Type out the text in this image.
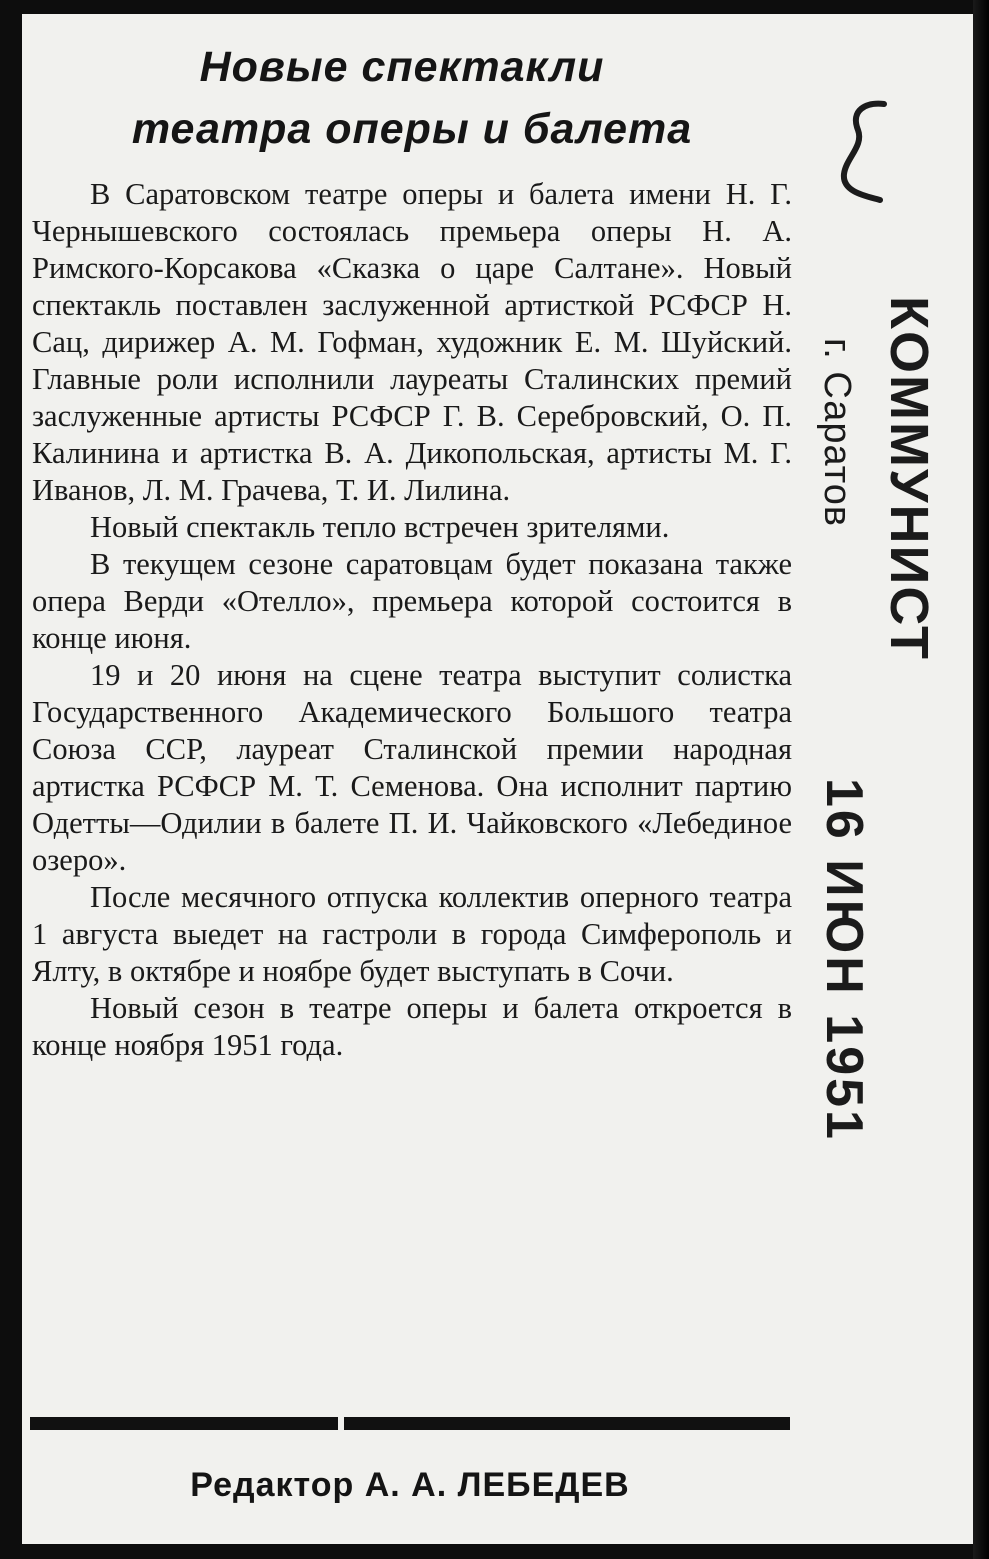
Новые спектакли
театра оперы и балета

В Саратовском театре оперы и балета имени Н. Г. Чернышевского состоялась премьера оперы Н. А. Римского-Корсакова «Сказка о царе Салтане». Новый спектакль поставлен заслуженной артисткой РСФСР Н. Сац, дирижер А. М. Гофман, художник Е. М. Шуйский. Главные роли исполнили лауреаты Сталинских премий заслуженные артисты РСФСР Г. В. Серебровский, О. П. Калинина и артистка В. А. Дикопольская, артисты М. Г. Иванов, Л. М. Грачева, Т. И. Лилина.

Новый спектакль тепло встречен зрителями.

В текущем сезоне саратовцам будет показана также опера Верди «Отелло», премьера которой состоится в конце июня.

19 и 20 июня на сцене театра выступит солистка Государственного Академического Большого театра Союза ССР, лауреат Сталинской премии народная артистка РСФСР М. Т. Семенова. Она исполнит партию Одетты—Одилии в балете П. И. Чайковского «Лебединое озеро».

После месячного отпуска коллектив оперного театра 1 августа выедет на гастроли в города Симферополь и Ялту, в октябре и ноябре будет выступать в Сочи.

Новый сезон в театре оперы и балета откроется в конце ноября 1951 года.

Редактор А. А. ЛЕБЕДЕВ
КОММУНИСТ
г. Саратов
16 ИЮН 1951
